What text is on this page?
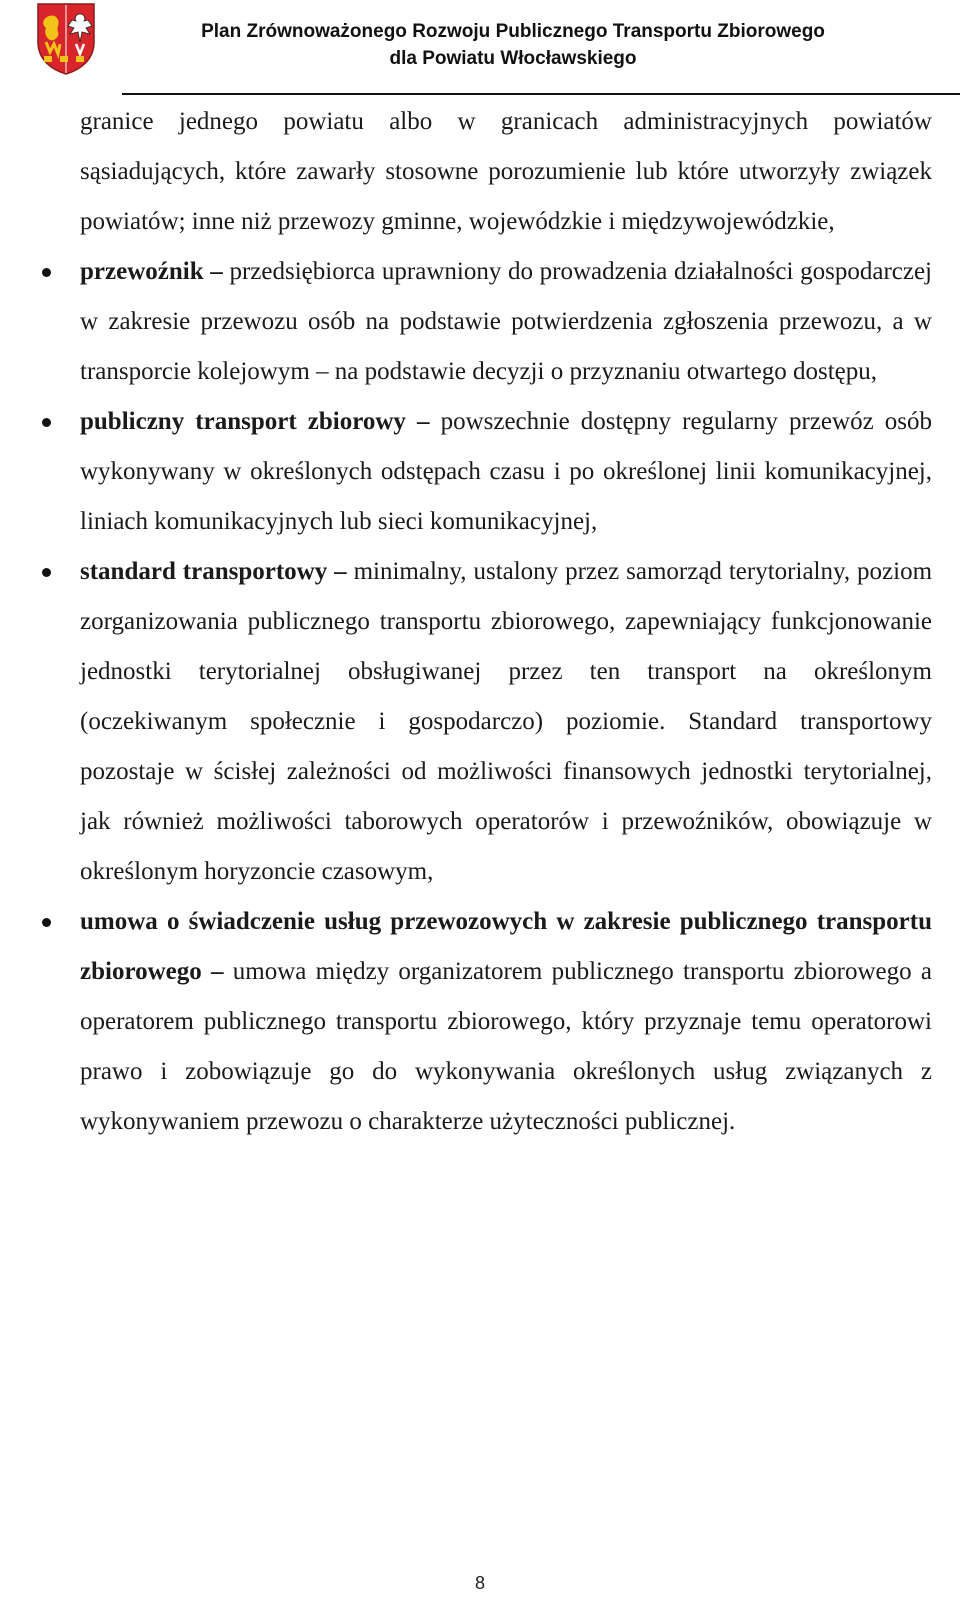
Plan Zrównoważonego Rozwoju Publicznego Transportu Zbiorowego
dla Powiatu Włocławskiego

granice jednego powiatu albo w granicach administracyjnych powiatów sąsiadujących, które zawarły stosowne porozumienie lub które utworzyły związek powiatów; inne niż przewozy gminne, wojewódzkie i międzywojewódzkie,

przewoźnik – przedsiębiorca uprawniony do prowadzenia działalności gospodarczej w zakresie przewozu osób na podstawie potwierdzenia zgłoszenia przewozu, a w transporcie kolejowym – na podstawie decyzji o przyznaniu otwartego dostępu,

publiczny transport zbiorowy – powszechnie dostępny regularny przewóz osób wykonywany w określonych odstępach czasu i po określonej linii komunikacyjnej, liniach komunikacyjnych lub sieci komunikacyjnej,

standard transportowy – minimalny, ustalony przez samorząd terytorialny, poziom zorganizowania publicznego transportu zbiorowego, zapewniający funkcjonowanie jednostki terytorialnej obsługiwanej przez ten transport na określonym (oczekiwanym społecznie i gospodarczo) poziomie. Standard transportowy pozostaje w ścisłej zależności od możliwości finansowych jednostki terytorialnej, jak również możliwości taborowych operatorów i przewoźników, obowiązuje w określonym horyzoncie czasowym,

umowa o świadczenie usług przewozowych w zakresie publicznego transportu zbiorowego – umowa między organizatorem publicznego transportu zbiorowego a operatorem publicznego transportu zbiorowego, który przyznaje temu operatorowi prawo i zobowiązuje go do wykonywania określonych usług związanych z wykonywaniem przewozu o charakterze użyteczności publicznej.

8
